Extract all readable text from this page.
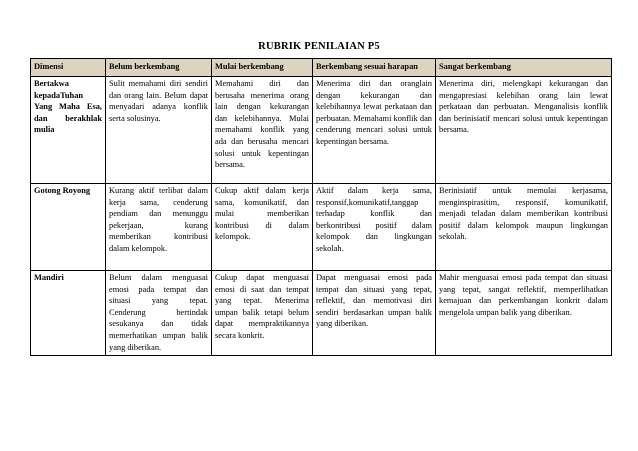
RUBRIK PENILAIAN P5
Dimensi	Belum berkembang	Mulai berkembang	Berkembang sesuai harapan	Sangat berkembang
Bertakwa kepadaTuhan Yang Maha Esa, dan berakhlak mulia	Sulit memahami diri sendiri dan orang lain. Belum dapat menyadari adanya konflik serta solusinya.	Memahami diri dan berusaha menerima orang lain dengan kekurangan dan kelebihannya. Mulai memahami konflik yang ada dan berusaha mencari solusi untuk kepentingan bersama.	Menerima diri dan oranglain dengan kekurangan dan kelebihannya lewat perkataan dan perbuatan. Memahami konflik dan cenderung mencari solusi untuk kepentingan bersama.	Menerima diri, melengkapi kekurangan dan mengapresiasi kelebihan orang lain lewat perkataan dan perbuatan. Menganalisis konflik dan berinisiatif mencari solusi untuk kepentingan bersama.
Gotong Royong	Kurang aktif terlibat dalam kerja sama, cenderung pendiam dan menunggu pekerjaan, kurang memberikan kontribusi dalam kelompok.	Cukup aktif dalam kerja sama, komunikatif, dan mulai memberikan kontribusi di dalam kelompok.	Aktif dalam kerja sama, responsif,komunikatif,tanggap terhadap konflik dan berkontribusi positif dalam kelompok dan lingkungan sekolah.	Berinisiatif untuk memulai kerjasama, menginspirasitim, responsif, komunikatif, menjadi teladan dalam memberikan kontribusi positif dalam kelompok maupun lingkungan sekolah.
Mandiri	Belum dalam menguasai emosi pada tempat dan situasi yang tepat. Cenderung bertindak sesukanya dan tidak memerhatikan umpan balik yang diberikan.	Cukup dapat menguasai emosi di saat dan tempat yang tepat. Menerima umpan balik tetapi belum dapat mempraktikannya secara konkrit.	Dapat menguasai emosi pada tempat dan situasi yang tepat, reflektif, dan memotivasi diri sendiri berdasarkan umpan balik yang diberikan.	Mahir menguasai emosi pada tempat dan situasi yang tepat, sangat reflektif, memperlihatkan kemajuan dan perkembangan konkrit dalam mengelola umpan balik yang diberikan.
